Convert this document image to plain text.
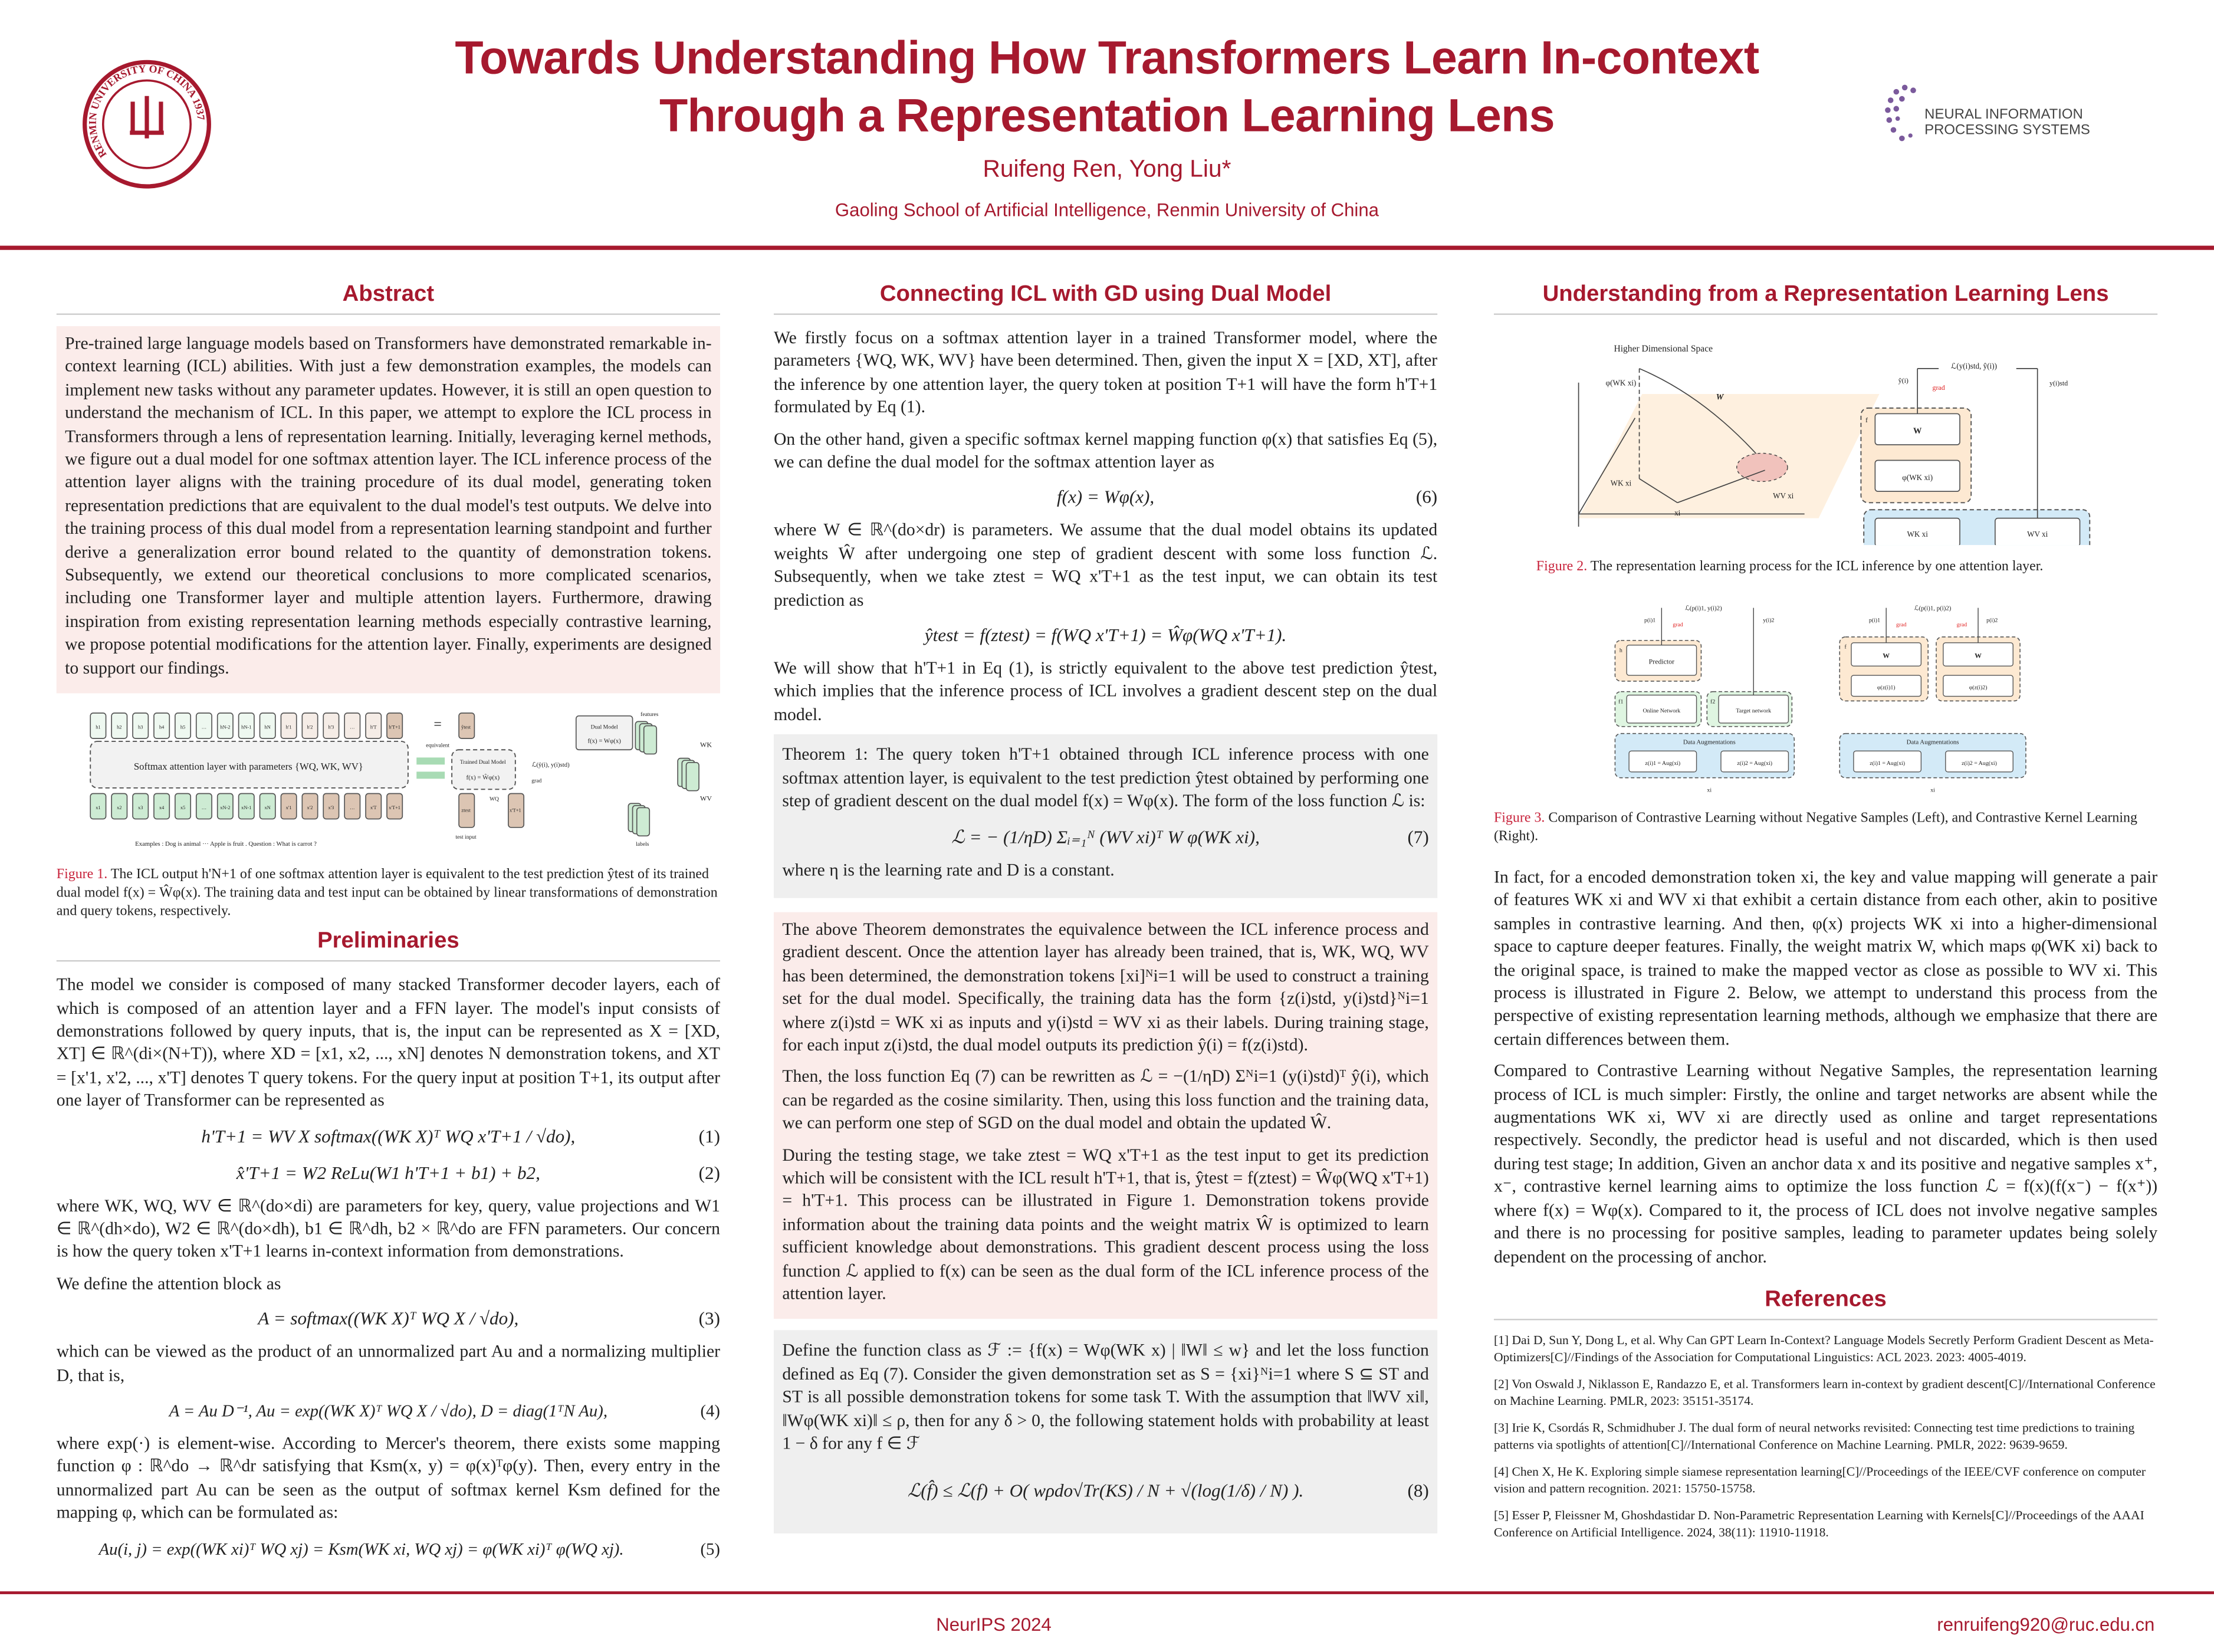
RENMIN UNIVERSITY OF CHINA 1937
Towards Understanding How Transformers Learn In-context
Through a Representation Learning Lens
Ruifeng Ren, Yong Liu*
Gaoling School of Artificial Intelligence, Renmin University of China
NEURAL INFORMATION
PROCESSING SYSTEMS
Abstract

Pre-trained large language models based on Transformers have demonstrated remarkable in-context learning (ICL) abilities. With just a few demonstration examples, the models can implement new tasks without any parameter updates. However, it is still an open question to understand the mechanism of ICL. In this paper, we attempt to explore the ICL process in Transformers through a lens of representation learning. Initially, leveraging kernel methods, we figure out a dual model for one softmax attention layer. The ICL inference process of the attention layer aligns with the training procedure of its dual model, generating token representation predictions that are equivalent to the dual model's test outputs. We delve into the training process of this dual model from a representation learning standpoint and further derive a generalization error bound related to the quantity of demonstration tokens. Subsequently, we extend our theoretical conclusions to more complicated scenarios, including one Transformer layer and multiple attention layers. Furthermore, drawing inspiration from existing representation learning methods especially contrastive learning, we propose potential modifications for the attention layer. Finally, experiments are designed to support our findings.

h1	h2	h3	h4	h5	…	hN-2	hN-1	hN	h'1	h'2	h'3	…	h'T	h'T+1
x1	x2	x3	x4	x5	…	xN-2	xN-1	xN	x'1	x'2	x'3	…	x'T	x'T+1
Softmax attention layer with parameters {WQ, WK, WV}
=
equivalent
ŷtest
Trained Dual Model
f(x) = Ŵφ(x)
ℒ(ŷ(i), y(i)std)
grad
Dual Model
f(x) = Wφ(x)
features
WK
WV
labels
ztest	x'T+1
WQ
test input
Examples : Dog is animal ··· Apple is fruit . Question : What is carrot ?
Figure 1. The ICL output h'N+1 of one softmax attention layer is equivalent to the test prediction ŷtest of its trained dual model f(x) = Ŵφ(x). The training data and test input can be obtained by linear transformations of demonstration and query tokens, respectively.
Preliminaries

The model we consider is composed of many stacked Transformer decoder layers, each of which is composed of an attention layer and a FFN layer. The model's input consists of demonstrations followed by query inputs, that is, the input can be represented as X = [XD, XT] ∈ ℝ^(di×(N+T)), where XD = [x1, x2, ..., xN] denotes N demonstration tokens, and XT = [x'1, x'2, ..., x'T] denotes T query tokens. For the query input at position T+1, its output after one layer of Transformer can be represented as

h'T+1 = WV X softmax((WK X)ᵀ WQ x'T+1 / √do),	(1)
x̂'T+1 = W2 ReLu(W1 h'T+1 + b1) + b2,	(2)

where WK, WQ, WV ∈ ℝ^(do×di) are parameters for key, query, value projections and W1 ∈ ℝ^(dh×do), W2 ∈ ℝ^(do×dh), b1 ∈ ℝ^dh, b2 × ℝ^do are FFN parameters. Our concern is how the query token x'T+1 learns in-context information from demonstrations.

We define the attention block as

A = softmax((WK X)ᵀ WQ X / √do),	(3)

which can be viewed as the product of an unnormalized part Au and a normalizing multiplier D, that is,

A = Au D⁻¹, Au = exp((WK X)ᵀ WQ X / √do), D = diag(1ᵀN Au),	(4)

where exp(·) is element-wise. According to Mercer's theorem, there exists some mapping function φ : ℝ^do → ℝ^dr satisfying that Ksm(x, y) = φ(x)ᵀφ(y). Then, every entry in the unnormalized part Au can be seen as the output of softmax kernel Ksm defined for the mapping φ, which can be formulated as:

Au(i, j) = exp((WK xi)ᵀ WQ xj) = Ksm(WK xi, WQ xj) = φ(WK xi)ᵀ φ(WQ xj).	(5)
Connecting ICL with GD using Dual Model

We firstly focus on a softmax attention layer in a trained Transformer model, where the parameters {WQ, WK, WV} have been determined. Then, given the input X = [XD, XT], after the inference by one attention layer, the query token at position T+1 will have the form h'T+1 formulated by Eq (1).

On the other hand, given a specific softmax kernel mapping function φ(x) that satisfies Eq (5), we can define the dual model for the softmax attention layer as

f(x) = Wφ(x),	(6)

where W ∈ ℝ^(do×dr) is parameters. We assume that the dual model obtains its updated weights Ŵ after undergoing one step of gradient descent with some loss function ℒ. Subsequently, when we take ztest = WQ x'T+1 as the test input, we can obtain its test prediction as

ŷtest = f(ztest) = f(WQ x'T+1) = Ŵφ(WQ x'T+1).

We will show that h'T+1 in Eq (1), is strictly equivalent to the above test prediction ŷtest, which implies that the inference process of ICL involves a gradient descent step on the dual model.

Theorem 1: The query token h'T+1 obtained through ICL inference process with one softmax attention layer, is equivalent to the test prediction ŷtest obtained by performing one step of gradient descent on the dual model f(x) = Wφ(x). The form of the loss function ℒ is:

ℒ = − (1/ηD) Σᵢ₌₁ᴺ (WV xi)ᵀ W φ(WK xi),	(7)

where η is the learning rate and D is a constant.

The above Theorem demonstrates the equivalence between the ICL inference process and gradient descent. Once the attention layer has already been trained, that is, WK, WQ, WV has been determined, the demonstration tokens [xi]ᴺi=1 will be used to construct a training set for the dual model. Specifically, the training data has the form {z(i)std, y(i)std}ᴺi=1 where z(i)std = WK xi as inputs and y(i)std = WV xi as their labels. During training stage, for each input z(i)std, the dual model outputs its prediction ŷ(i) = f(z(i)std).

Then, the loss function Eq (7) can be rewritten as ℒ = −(1/ηD) Σᴺi=1 (y(i)std)ᵀ ŷ(i), which can be regarded as the cosine similarity. Then, using this loss function and the training data, we can perform one step of SGD on the dual model and obtain the updated Ŵ.

During the testing stage, we take ztest = WQ x'T+1 as the test input to get its prediction which will be consistent with the ICL result h'T+1, that is, ŷtest = f(ztest) = Ŵφ(WQ x'T+1) = h'T+1. This process can be illustrated in Figure 1. Demonstration tokens provide information about the training data points and the weight matrix Ŵ is optimized to learn sufficient knowledge about demonstrations. This gradient descent process using the loss function ℒ applied to f(x) can be seen as the dual form of the ICL inference process of the attention layer.

Define the function class as ℱ := {f(x) = Wφ(WK x) | ‖W‖ ≤ w} and let the loss function defined as Eq (7). Consider the given demonstration set as S = {xi}ᴺi=1 where S ⊆ ST and ST is all possible demonstration tokens for some task T. With the assumption that ‖WV xi‖, ‖Wφ(WK xi)‖ ≤ ρ, then for any δ > 0, the following statement holds with probability at least 1 − δ for any f ∈ ℱ

ℒ(f̂) ≤ ℒ(f) + O( wρdo√Tr(KS) / N + √(log(1/δ) / N) ).	(8)
Understanding from a Representation Learning Lens
Higher Dimensional Space
φ(WK xi)
W
WK xi
WV xi
xi
W
φ(WK xi)
WK xi	WV xi
f
ℒ(y(i)std, ŷ(i))
ŷ(i)	y(i)std
grad
Figure 2. The representation learning process for the ICL inference by one attention layer.
Predictor
Online Network	Target network
Data Augmentations
h
f1	f2
ℒ(p(i)1, y(i)2)
p(i)1	y(i)2
grad
W	W
φ(z(i)1)	φ(z(i)2)
f
Data Augmentations
ℒ(p(i)1, p(i)2)
p(i)1	p(i)2
grad	grad
z(i)1 = Aug(xi)	z(i)2 = Aug(xi)	z(i)1 = Aug(xi)	z(i)2 = Aug(xi)
xi	xi
Figure 3. Comparison of Contrastive Learning without Negative Samples (Left), and Contrastive Kernel Learning (Right).

In fact, for a encoded demonstration token xi, the key and value mapping will generate a pair of features WK xi and WV xi that exhibit a certain distance from each other, akin to positive samples in contrastive learning. And then, φ(x) projects WK xi into a higher-dimensional space to capture deeper features. Finally, the weight matrix W, which maps φ(WK xi) back to the original space, is trained to make the mapped vector as close as possible to WV xi. This process is illustrated in Figure 2. Below, we attempt to understand this process from the perspective of existing representation learning methods, although we emphasize that there are certain differences between them.

Compared to Contrastive Learning without Negative Samples, the representation learning process of ICL is much simpler: Firstly, the online and target networks are absent while the augmentations WK xi, WV xi are directly used as online and target representations respectively. Secondly, the predictor head is useful and not discarded, which is then used during test stage; In addition, Given an anchor data x and its positive and negative samples x⁺, x⁻, contrastive kernel learning aims to optimize the loss function ℒ = f(x)(f(x⁻) − f(x⁺)) where f(x) = Wφ(x). Compared to it, the process of ICL does not involve negative samples and there is no processing for positive samples, leading to parameter updates being solely dependent on the processing of anchor.

References

[1] Dai D, Sun Y, Dong L, et al. Why Can GPT Learn In-Context? Language Models Secretly Perform Gradient Descent as Meta-Optimizers[C]//Findings of the Association for Computational Linguistics: ACL 2023. 2023: 4005-4019.

[2] Von Oswald J, Niklasson E, Randazzo E, et al. Transformers learn in-context by gradient descent[C]//International Conference on Machine Learning. PMLR, 2023: 35151-35174.

[3] Irie K, Csordás R, Schmidhuber J. The dual form of neural networks revisited: Connecting test time predictions to training patterns via spotlights of attention[C]//International Conference on Machine Learning. PMLR, 2022: 9639-9659.

[4] Chen X, He K. Exploring simple siamese representation learning[C]//Proceedings of the IEEE/CVF conference on computer vision and pattern recognition. 2021: 15750-15758.

[5] Esser P, Fleissner M, Ghoshdastidar D. Non-Parametric Representation Learning with Kernels[C]//Proceedings of the AAAI Conference on Artificial Intelligence. 2024, 38(11): 11910-11918.

NeurIPS 2024	renruifeng920@ruc.edu.cn
